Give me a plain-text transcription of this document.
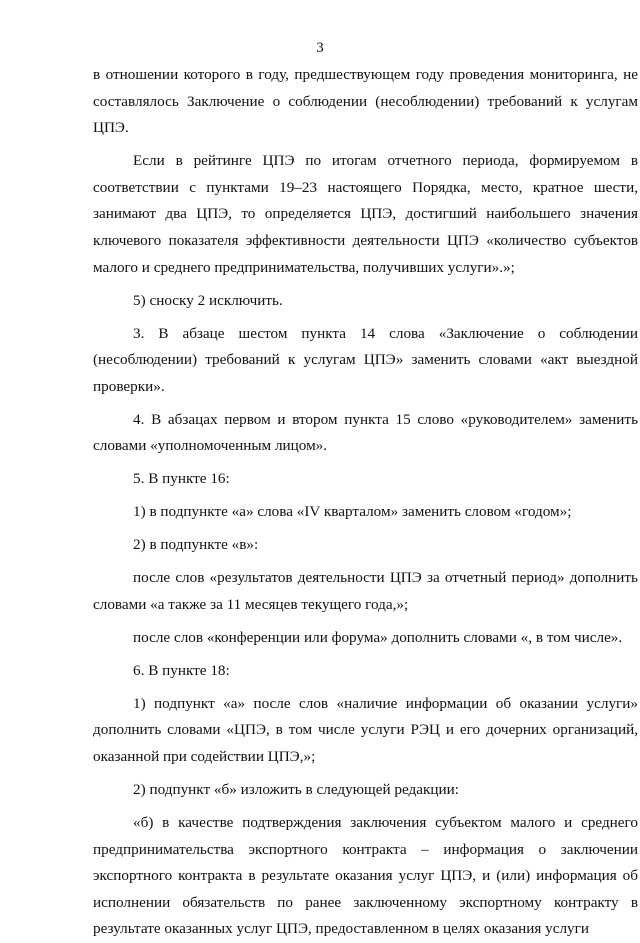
3

в отношении которого в году, предшествующем году проведения мониторинга, не составлялось Заключение о соблюдении (несоблюдении) требований к услугам ЦПЭ.

Если в рейтинге ЦПЭ по итогам отчетного периода, формируемом в соответствии с пунктами 19–23 настоящего Порядка, место, кратное шести, занимают два ЦПЭ, то определяется ЦПЭ, достигший наибольшего значения ключевого показателя эффективности деятельности ЦПЭ «количество субъектов малого и среднего предпринимательства, получивших услуги».»;

5) сноску 2 исключить.

3. В абзаце шестом пункта 14 слова «Заключение о соблюдении (несоблюдении) требований к услугам ЦПЭ» заменить словами «акт выездной проверки».

4. В абзацах первом и втором пункта 15 слово «руководителем» заменить словами «уполномоченным лицом».

5. В пункте 16:

1) в подпункте «а» слова «IV кварталом» заменить словом «годом»;

2) в подпункте «в»:

после слов «результатов деятельности ЦПЭ за отчетный период» дополнить словами «а также за 11 месяцев текущего года,»;

после слов «конференции или форума» дополнить словами «, в том числе».

6. В пункте 18:

1) подпункт «а» после слов «наличие информации об оказании услуги» дополнить словами «ЦПЭ, в том числе услуги РЭЦ и его дочерних организаций, оказанной при содействии ЦПЭ,»;

2) подпункт «б» изложить в следующей редакции:

«б) в качестве подтверждения заключения субъектом малого и среднего предпринимательства экспортного контракта – информация о заключении экспортного контракта в результате оказания услуг ЦПЭ, и (или) информация об исполнении обязательств по ранее заключенному экспортному контракту в результате оказанных услуг ЦПЭ, предоставленном в целях оказания услуги
